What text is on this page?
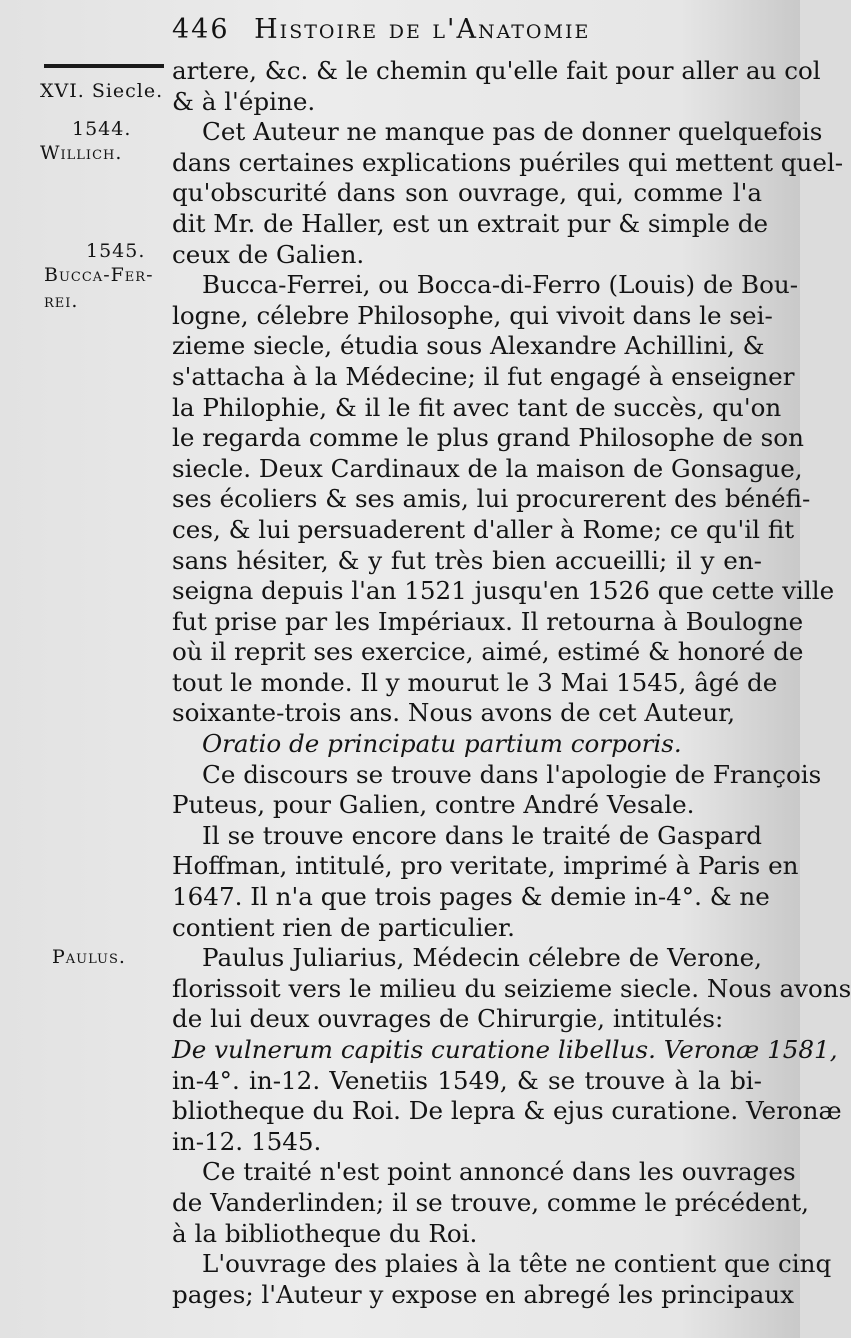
446 Histoire de l'Anatomie
XVI. Siecle.
1544.
Willich.
1545.
Bucca-Fer-
rei.
Paulus.
artere, &c. & le chemin qu'elle fait pour aller au col
& à l'épine.
Cet Auteur ne manque pas de donner quelquefois
dans certaines explications puériles qui mettent quel-
qu'obscurité dans son ouvrage, qui, comme l'a
dit Mr. de Haller, est un extrait pur & simple de
ceux de Galien.
Bucca-Ferrei, ou Bocca-di-Ferro (Louis) de Bou-
logne, célebre Philosophe, qui vivoit dans le sei-
zieme siecle, étudia sous Alexandre Achillini, &
s'attacha à la Médecine; il fut engagé à enseigner
la Philophie, & il le fit avec tant de succès, qu'on
le regarda comme le plus grand Philosophe de son
siecle. Deux Cardinaux de la maison de Gonsague,
ses écoliers & ses amis, lui procurerent des bénéfi-
ces, & lui persuaderent d'aller à Rome; ce qu'il fit
sans hésiter, & y fut très bien accueilli; il y en-
seigna depuis l'an 1521 jusqu'en 1526 que cette ville
fut prise par les Impériaux. Il retourna à Boulogne
où il reprit ses exercice, aimé, estimé & honoré de
tout le monde. Il y mourut le 3 Mai 1545, âgé de
soixante-trois ans. Nous avons de cet Auteur,
Oratio de principatu partium corporis.
Ce discours se trouve dans l'apologie de François
Puteus, pour Galien, contre André Vesale.
Il se trouve encore dans le traité de Gaspard
Hoffman, intitulé, pro veritate, imprimé à Paris en
1647. Il n'a que trois pages & demie in-4°. & ne
contient rien de particulier.
Paulus Juliarius, Médecin célebre de Verone,
florissoit vers le milieu du seizieme siecle. Nous avons
de lui deux ouvrages de Chirurgie, intitulés:
De vulnerum capitis curatione libellus. Veronæ 1581,
in-4°. in-12. Venetiis 1549, & se trouve à la bi-
bliotheque du Roi. De lepra & ejus curatione. Veronæ
in-12. 1545.
Ce traité n'est point annoncé dans les ouvrages
de Vanderlinden; il se trouve, comme le précédent,
à la bibliotheque du Roi.
L'ouvrage des plaies à la tête ne contient que cinq
pages; l'Auteur y expose en abregé les principaux
